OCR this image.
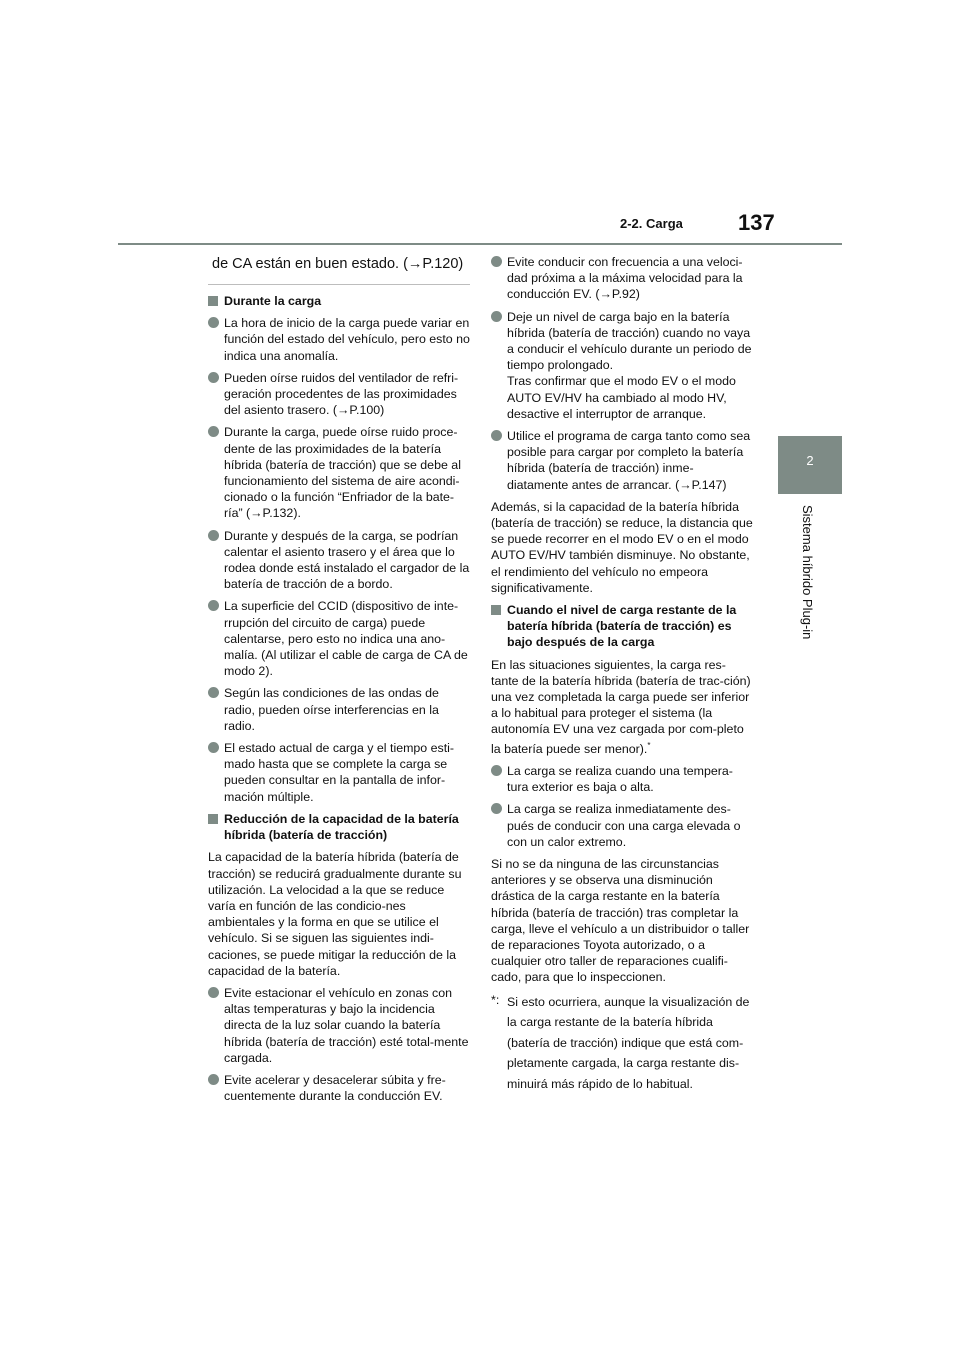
2-2. Carga	137
2
Sistema híbrido Plug-in
de CA están en buen estado. (→P.120)
Durante la carga
La hora de inicio de la carga puede variar en función del estado del vehículo, pero esto no indica una anomalía.
Pueden oírse ruidos del ventilador de refri-geración procedentes de las proximidades del asiento trasero. (→P.100)
Durante la carga, puede oírse ruido proce-dente de las proximidades de la batería híbrida (batería de tracción) que se debe al funcionamiento del sistema de aire acondi-cionado o la función “Enfriador de la bate-ría” (→P.132).
Durante y después de la carga, se podrían calentar el asiento trasero y el área que lo rodea donde está instalado el cargador de la batería de tracción de a bordo.
La superficie del CCID (dispositivo de inte-rrupción del circuito de carga) puede calentarse, pero esto no indica una ano-malía. (Al utilizar el cable de carga de CA de modo 2).
Según las condiciones de las ondas de radio, pueden oírse interferencias en la radio.
El estado actual de carga y el tiempo esti-mado hasta que se complete la carga se pueden consultar en la pantalla de infor-mación múltiple.
Reducción de la capacidad de la batería híbrida (batería de tracción)
La capacidad de la batería híbrida (batería de tracción) se reducirá gradualmente durante su utilización. La velocidad a la que se reduce varía en función de las condicio-nes ambientales y la forma en que se utilice el vehículo. Si se siguen las siguientes indi-caciones, se puede mitigar la reducción de la capacidad de la batería.
Evite estacionar el vehículo en zonas con altas temperaturas y bajo la incidencia directa de la luz solar cuando la batería híbrida (batería de tracción) esté total-mente cargada.
Evite acelerar y desacelerar súbita y fre-cuentemente durante la conducción EV.
Evite conducir con frecuencia a una veloci-dad próxima a la máxima velocidad para la conducción EV. (→P.92)
Deje un nivel de carga bajo en la batería híbrida (batería de tracción) cuando no vaya a conducir el vehículo durante un periodo de tiempo prolongado.
Tras confirmar que el modo EV o el modo AUTO EV/HV ha cambiado al modo HV, desactive el interruptor de arranque.
Utilice el programa de carga tanto como sea posible para cargar por completo la batería híbrida (batería de tracción) inme-diatamente antes de arrancar. (→P.147)
Además, si la capacidad de la batería híbrida (batería de tracción) se reduce, la distancia que se puede recorrer en el modo EV o en el modo AUTO EV/HV también disminuye. No obstante, el rendimiento del vehículo no empeora significativamente.
Cuando el nivel de carga restante de la batería híbrida (batería de tracción) es bajo después de la carga
En las situaciones siguientes, la carga res-tante de la batería híbrida (batería de trac-ción) una vez completada la carga puede ser inferior a lo habitual para proteger el sistema (la autonomía EV una vez cargada por com-pleto la batería puede ser menor).*
La carga se realiza cuando una tempera-tura exterior es baja o alta.
La carga se realiza inmediatamente des-pués de conducir con una carga elevada o con un calor extremo.
Si no se da ninguna de las circunstancias anteriores y se observa una disminución drástica de la carga restante en la batería híbrida (batería de tracción) tras completar la carga, lleve el vehículo a un distribuidor o taller de reparaciones Toyota autorizado, o a cualquier otro taller de reparaciones cualifi-cado, para que lo inspeccionen.
*: Si esto ocurriera, aunque la visualización de la carga restante de la batería híbrida (batería de tracción) indique que está com-pletamente cargada, la carga restante dis-minuirá más rápido de lo habitual.
